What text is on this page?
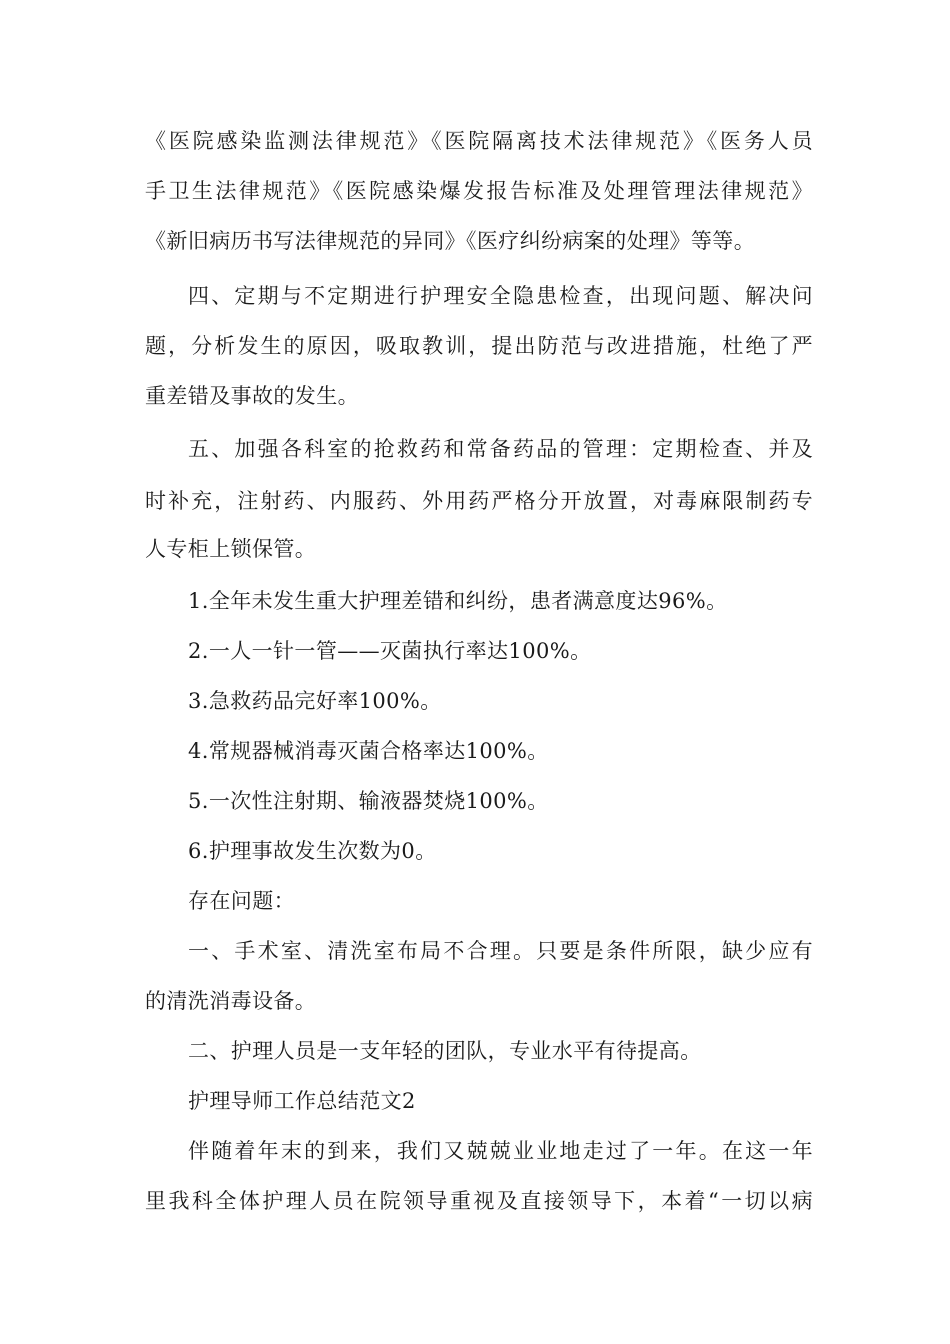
《医院感染监测法律规范》《医院隔离技术法律规范》《医务人员
手卫生法律规范》《医院感染爆发报告标准及处理管理法律规范》
《新旧病历书写法律规范的异同》《医疗纠纷病案的处理》等等。
四、定期与不定期进行护理安全隐患检查，出现问题、解决问
题，分析发生的原因，吸取教训，提出防范与改进措施，杜绝了严
重差错及事故的发生。
五、加强各科室的抢救药和常备药品的管理：定期检查、并及
时补充，注射药、内服药、外用药严格分开放置，对毒麻限制药专
人专柜上锁保管。
1.全年未发生重大护理差错和纠纷，患者满意度达96%。
2.一人一针一管——灭菌执行率达100%。
3.急救药品完好率100%。
4.常规器械消毒灭菌合格率达100%。
5.一次性注射期、输液器焚烧100%。
6.护理事故发生次数为0。
存在问题：
一、手术室、清洗室布局不合理。只要是条件所限，缺少应有
的清洗消毒设备。
二、护理人员是一支年轻的团队，专业水平有待提高。
护理导师工作总结范文2
伴随着年末的到来，我们又兢兢业业地走过了一年。在这一年
里我科全体护理人员在院领导重视及直接领导下，本着“一切以病
